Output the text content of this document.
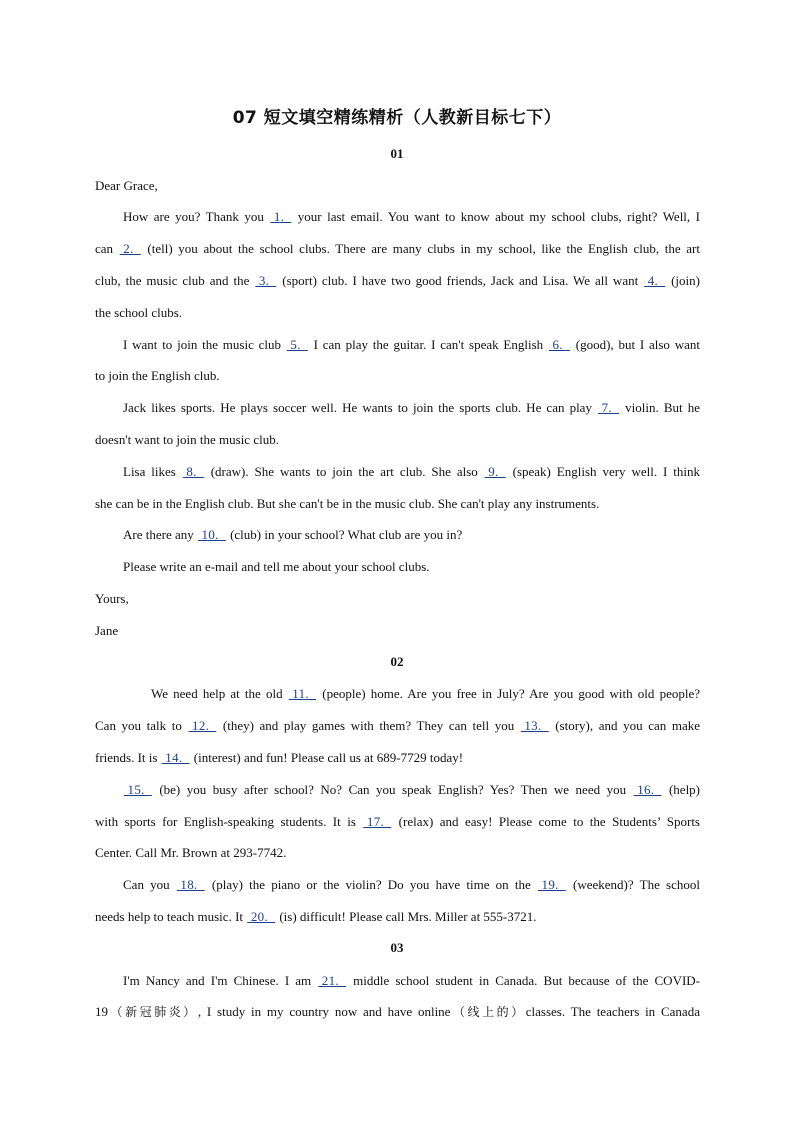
07 短文填空精练精析（人教新目标七下）
01
Dear Grace,
How are you? Thank you  1.   your last email. You want to know about my school clubs, right? Well, I
can  2.   (tell) you about the school clubs. There are many clubs in my school, like the English club, the art
club, the music club and the  3.   (sport) club. I have two good friends, Jack and Lisa. We all want  4.   (join)
the school clubs.
I want to join the music club  5.   I can play the guitar. I can't speak English  6.   (good), but I also want
to join the English club.
Jack likes sports. He plays soccer well. He wants to join the sports club. He can play  7.   violin. But he
doesn't want to join the music club.
Lisa likes  8.   (draw). She wants to join the art club. She also  9.   (speak) English very well. I think
she can be in the English club. But she can't be in the music club. She can't play any instruments.
Are there any  10.   (club) in your school? What club are you in?
Please write an e-mail and tell me about your school clubs.
Yours,
Jane
02
We need help at the old  11.   (people) home. Are you free in July? Are you good with old people?
Can you talk to  12.   (they) and play games with them? They can tell you  13.   (story), and you can make
friends. It is  14.   (interest) and fun! Please call us at 689-7729 today!
15.   (be) you busy after school? No? Can you speak English? Yes? Then we need you  16.   (help)
with sports for English-speaking students. It is  17.   (relax) and easy! Please come to the Students’ Sports
Center. Call Mr. Brown at 293-7742.
Can you  18.   (play) the piano or the violin? Do you have time on the  19.   (weekend)? The school
needs help to teach music. It  20.   (is) difficult! Please call Mrs. Miller at 555-3721.
03
I'm Nancy and I'm Chinese. I am  21.   middle school student in Canada. But because of the COVID-
19（新冠肺炎）, I study in my country now and have online（线上的）classes. The teachers in Canada
